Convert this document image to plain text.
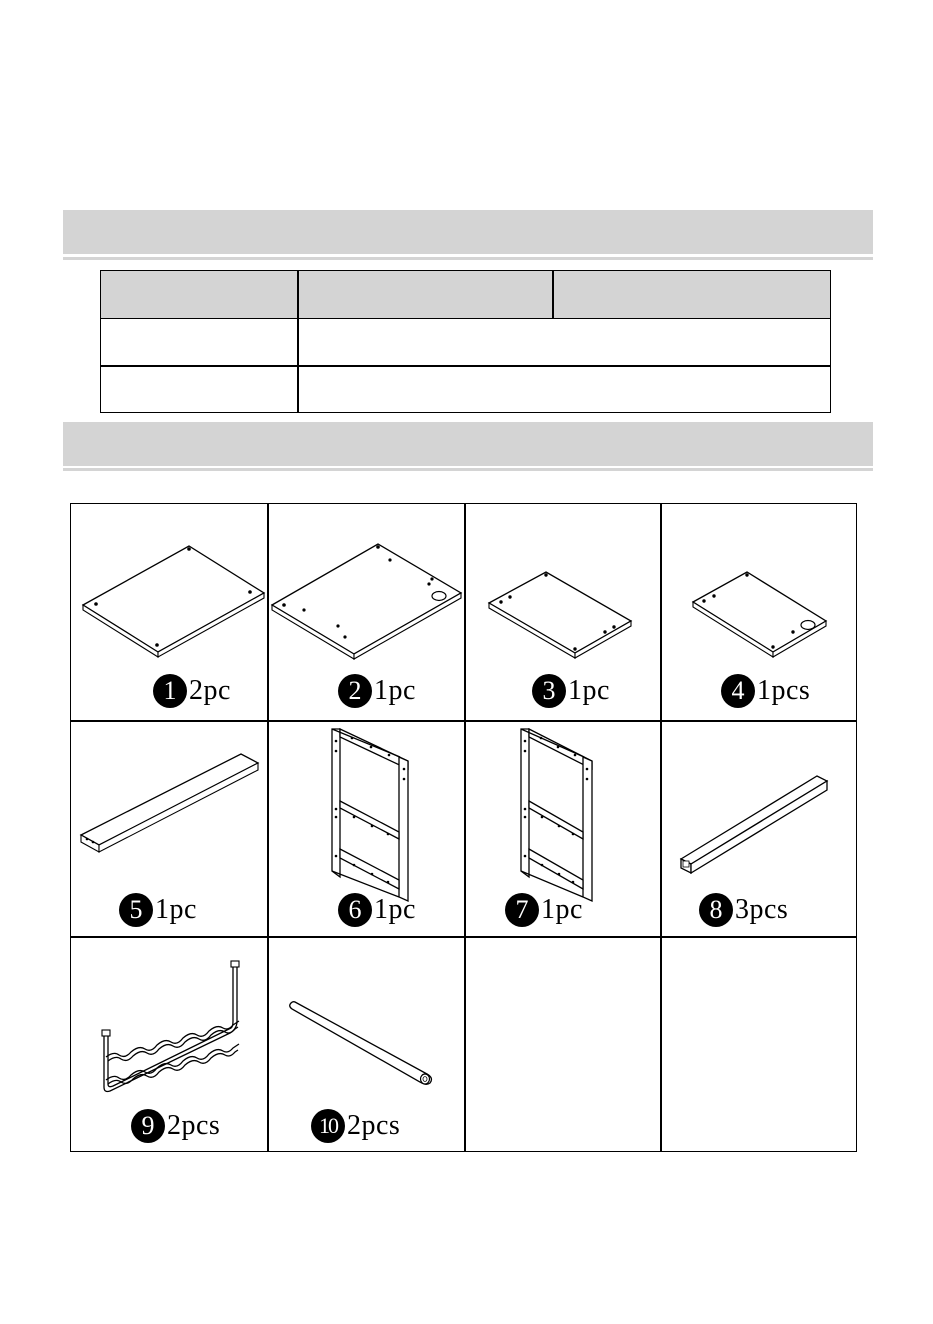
1 2pc	2 1pc	3 1pc	4 1pcs
5 1pc	6 1pc	7 1pc	8 3pcs
9 2pcs	10 2pcs
